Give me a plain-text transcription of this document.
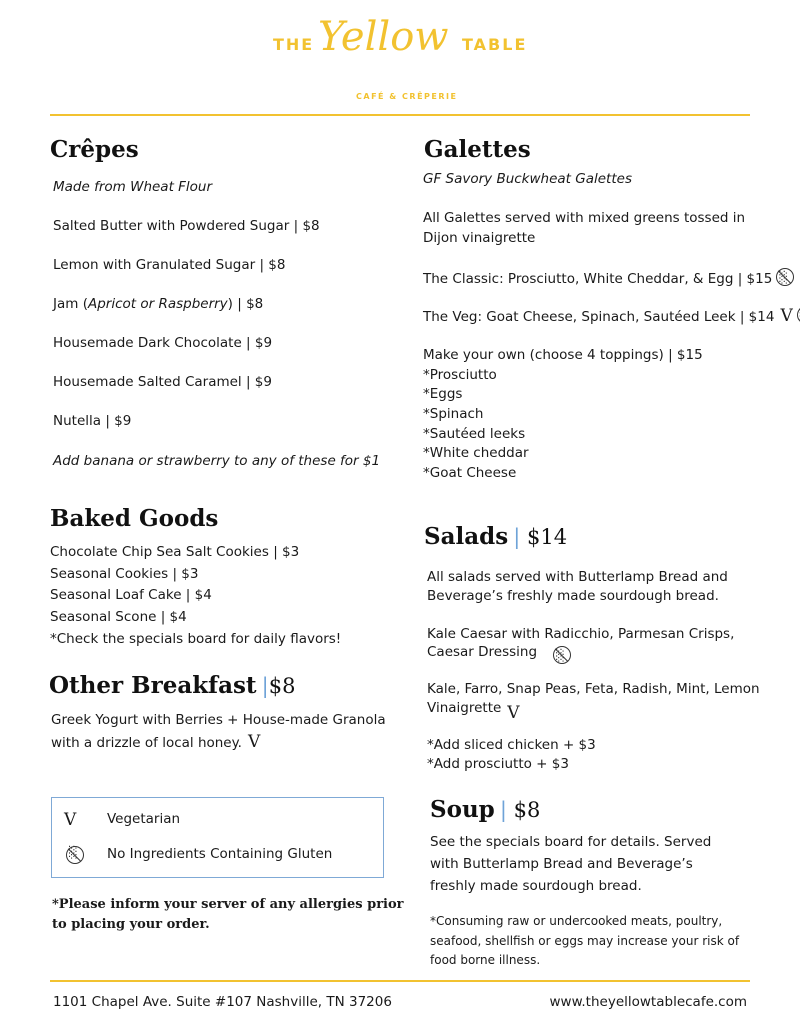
THE Yellow TABLE
CAFÉ & CRÊPERIE
Crêpes
Made from Wheat Flour
Salted Butter with Powdered Sugar | $8
Lemon with Granulated Sugar | $8
Jam (Apricot or Raspberry) | $8
Housemade Dark Chocolate | $9
Housemade Salted Caramel | $9
Nutella | $9
Add banana or strawberry to any of these for $1
Galettes
GF Savory Buckwheat Galettes
All Galettes served with mixed greens tossed in
Dijon vinaigrette
The Classic: Prosciutto, White Cheddar, & Egg | $15░
The Veg: Goat Cheese, Spinach, Sautéed Leek | $14 V░
Make your own (choose 4 toppings) | $15
*Prosciutto
*Eggs
*Spinach
*Sautéed leeks
*White cheddar
*Goat Cheese
Baked Goods
Chocolate Chip Sea Salt Cookies | $3
Seasonal Cookies | $3
Seasonal Loaf Cake | $4
Seasonal Scone | $4
*Check the specials board for daily flavors!
Other Breakfast |$8
Greek Yogurt with Berries + House-made Granola
with a drizzle of local honey. V
V Vegetarian
░
No Ingredients Containing Gluten
*Please inform your server of any allergies prior
to placing your order.
Salads | $14
All salads served with Butterlamp Bread and
Beverage’s freshly made sourdough bread.
Kale Caesar with Radicchio, Parmesan Crisps,
Caesar Dressing░
Kale, Farro, Snap Peas, Feta, Radish, Mint, Lemon
Vinaigrette V
*Add sliced chicken + $3
*Add prosciutto + $3
Soup | $8
See the specials board for details. Served
with Butterlamp Bread and Beverage’s
freshly made sourdough bread.
*Consuming raw or undercooked meats, poultry,
seafood, shellfish or eggs may increase your risk of
food borne illness.
1101 Chapel Ave. Suite #107 Nashville, TN 37206	www.theyellowtablecafe.com
